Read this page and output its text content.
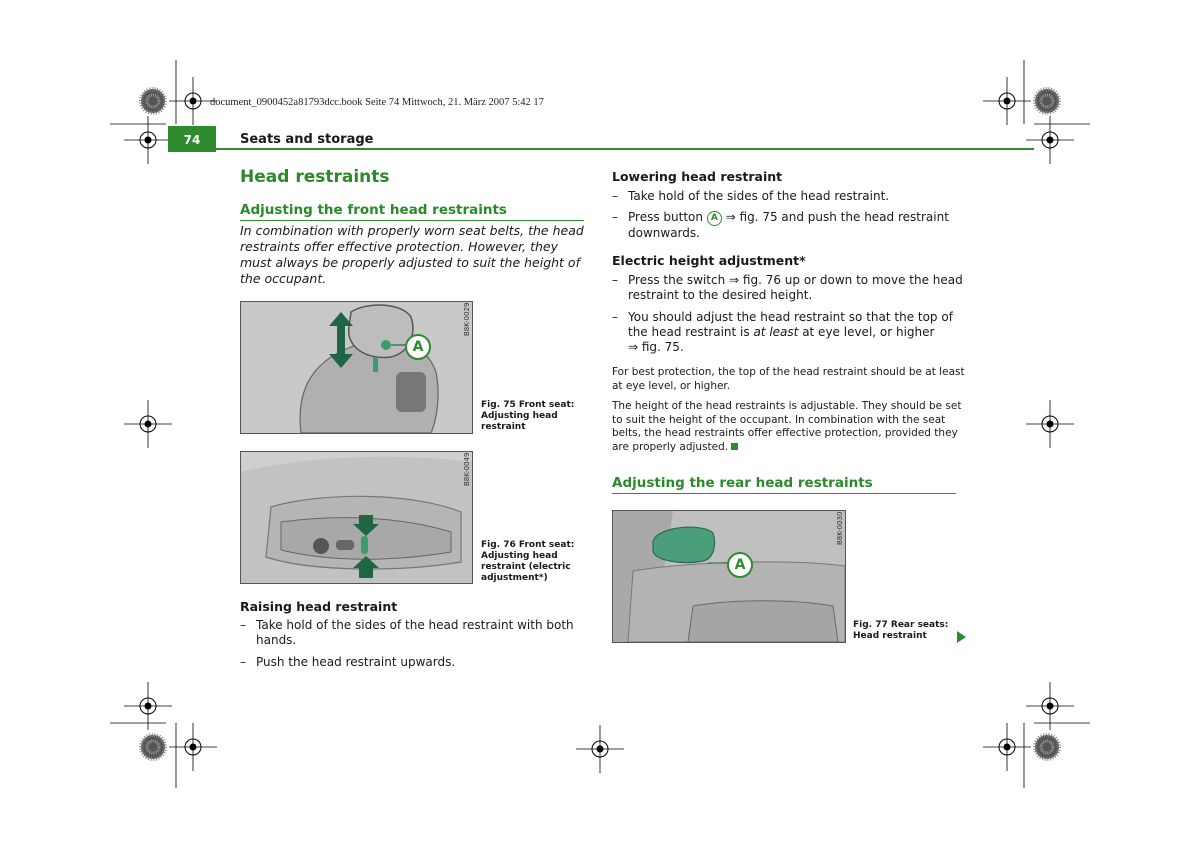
document_0900452a81793dcc.book Seite 74 Mittwoch, 21. März 2007 5:42 17
74	Seats and storage
Head restraints
Adjusting the front head restraints

In combination with properly worn seat belts, the head restraints offer effective protection. However, they must always be properly adjusted to suit the height of the occupant.

A
B8K-0029
Fig. 75 Front seat:
Adjusting head
restraint
B8K-0049
Fig. 76 Front seat:
Adjusting head
restraint (electric
adjustment*)
Raising head restraint
– Take hold of the sides of the head restraint with both
hands.
– Push the head restraint upwards.
Lowering head restraint
– Take hold of the sides of the head restraint.
– Press button A ⇒ fig. 75 and push the head restraint
downwards.
Electric height adjustment*
– Press the switch ⇒ fig. 76 up or down to move the head
restraint to the desired height.
– You should adjust the head restraint so that the top of
the head restraint is at least at eye level, or higher
⇒ fig. 75.
For best protection, the top of the head restraint should be at least
at eye level, or higher.
The height of the head restraints is adjustable. They should be set
to suit the height of the occupant. In combination with the seat
belts, the head restraints offer effective protection, provided they
are properly adjusted.
Adjusting the rear head restraints
A
B8K-0030
Fig. 77 Rear seats:
Head restraint
